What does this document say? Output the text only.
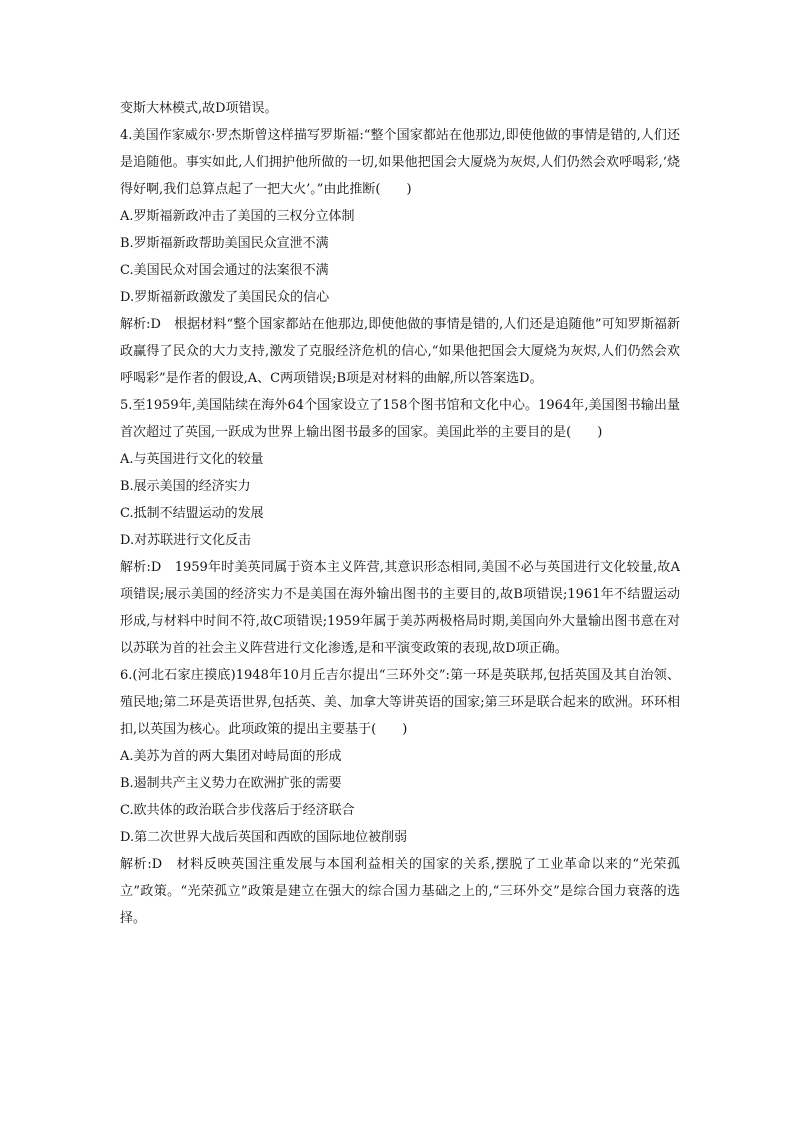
变斯大林模式,故D项错误。

4.美国作家威尔·罗杰斯曾这样描写罗斯福:“整个国家都站在他那边,即使他做的事情是错的,人们还是追随他。事实如此,人们拥护他所做的一切,如果他把国会大厦烧为灰烬,人们仍然会欢呼喝彩,‘烧得好啊,我们总算点起了一把大火’。”由此推断(　　)

A.罗斯福新政冲击了美国的三权分立体制

B.罗斯福新政帮助美国民众宣泄不满

C.美国民众对国会通过的法案很不满

D.罗斯福新政激发了美国民众的信心

解析:D　根据材料“整个国家都站在他那边,即使他做的事情是错的,人们还是追随他”可知罗斯福新政赢得了民众的大力支持,激发了克服经济危机的信心,“如果他把国会大厦烧为灰烬,人们仍然会欢呼喝彩”是作者的假设,A、C两项错误;B项是对材料的曲解,所以答案选D。

5.至1959年,美国陆续在海外64个国家设立了158个图书馆和文化中心。1964年,美国图书输出量首次超过了英国,一跃成为世界上输出图书最多的国家。美国此举的主要目的是(　　)

A.与英国进行文化的较量

B.展示美国的经济实力

C.抵制不结盟运动的发展

D.对苏联进行文化反击

解析:D　1959年时美英同属于资本主义阵营,其意识形态相同,美国不必与英国进行文化较量,故A项错误;展示美国的经济实力不是美国在海外输出图书的主要目的,故B项错误;1961年不结盟运动形成,与材料中时间不符,故C项错误;1959年属于美苏两极格局时期,美国向外大量输出图书意在对以苏联为首的社会主义阵营进行文化渗透,是和平演变政策的表现,故D项正确。

6.(河北石家庄摸底)1948年10月丘吉尔提出“三环外交”:第一环是英联邦,包括英国及其自治领、殖民地;第二环是英语世界,包括英、美、加拿大等讲英语的国家;第三环是联合起来的欧洲。环环相扣,以英国为核心。此项政策的提出主要基于(　　)

A.美苏为首的两大集团对峙局面的形成

B.遏制共产主义势力在欧洲扩张的需要

C.欧共体的政治联合步伐落后于经济联合

D.第二次世界大战后英国和西欧的国际地位被削弱

解析:D　材料反映英国注重发展与本国利益相关的国家的关系,摆脱了工业革命以来的“光荣孤立”政策。“光荣孤立”政策是建立在强大的综合国力基础之上的,“三环外交”是综合国力衰落的选择。
